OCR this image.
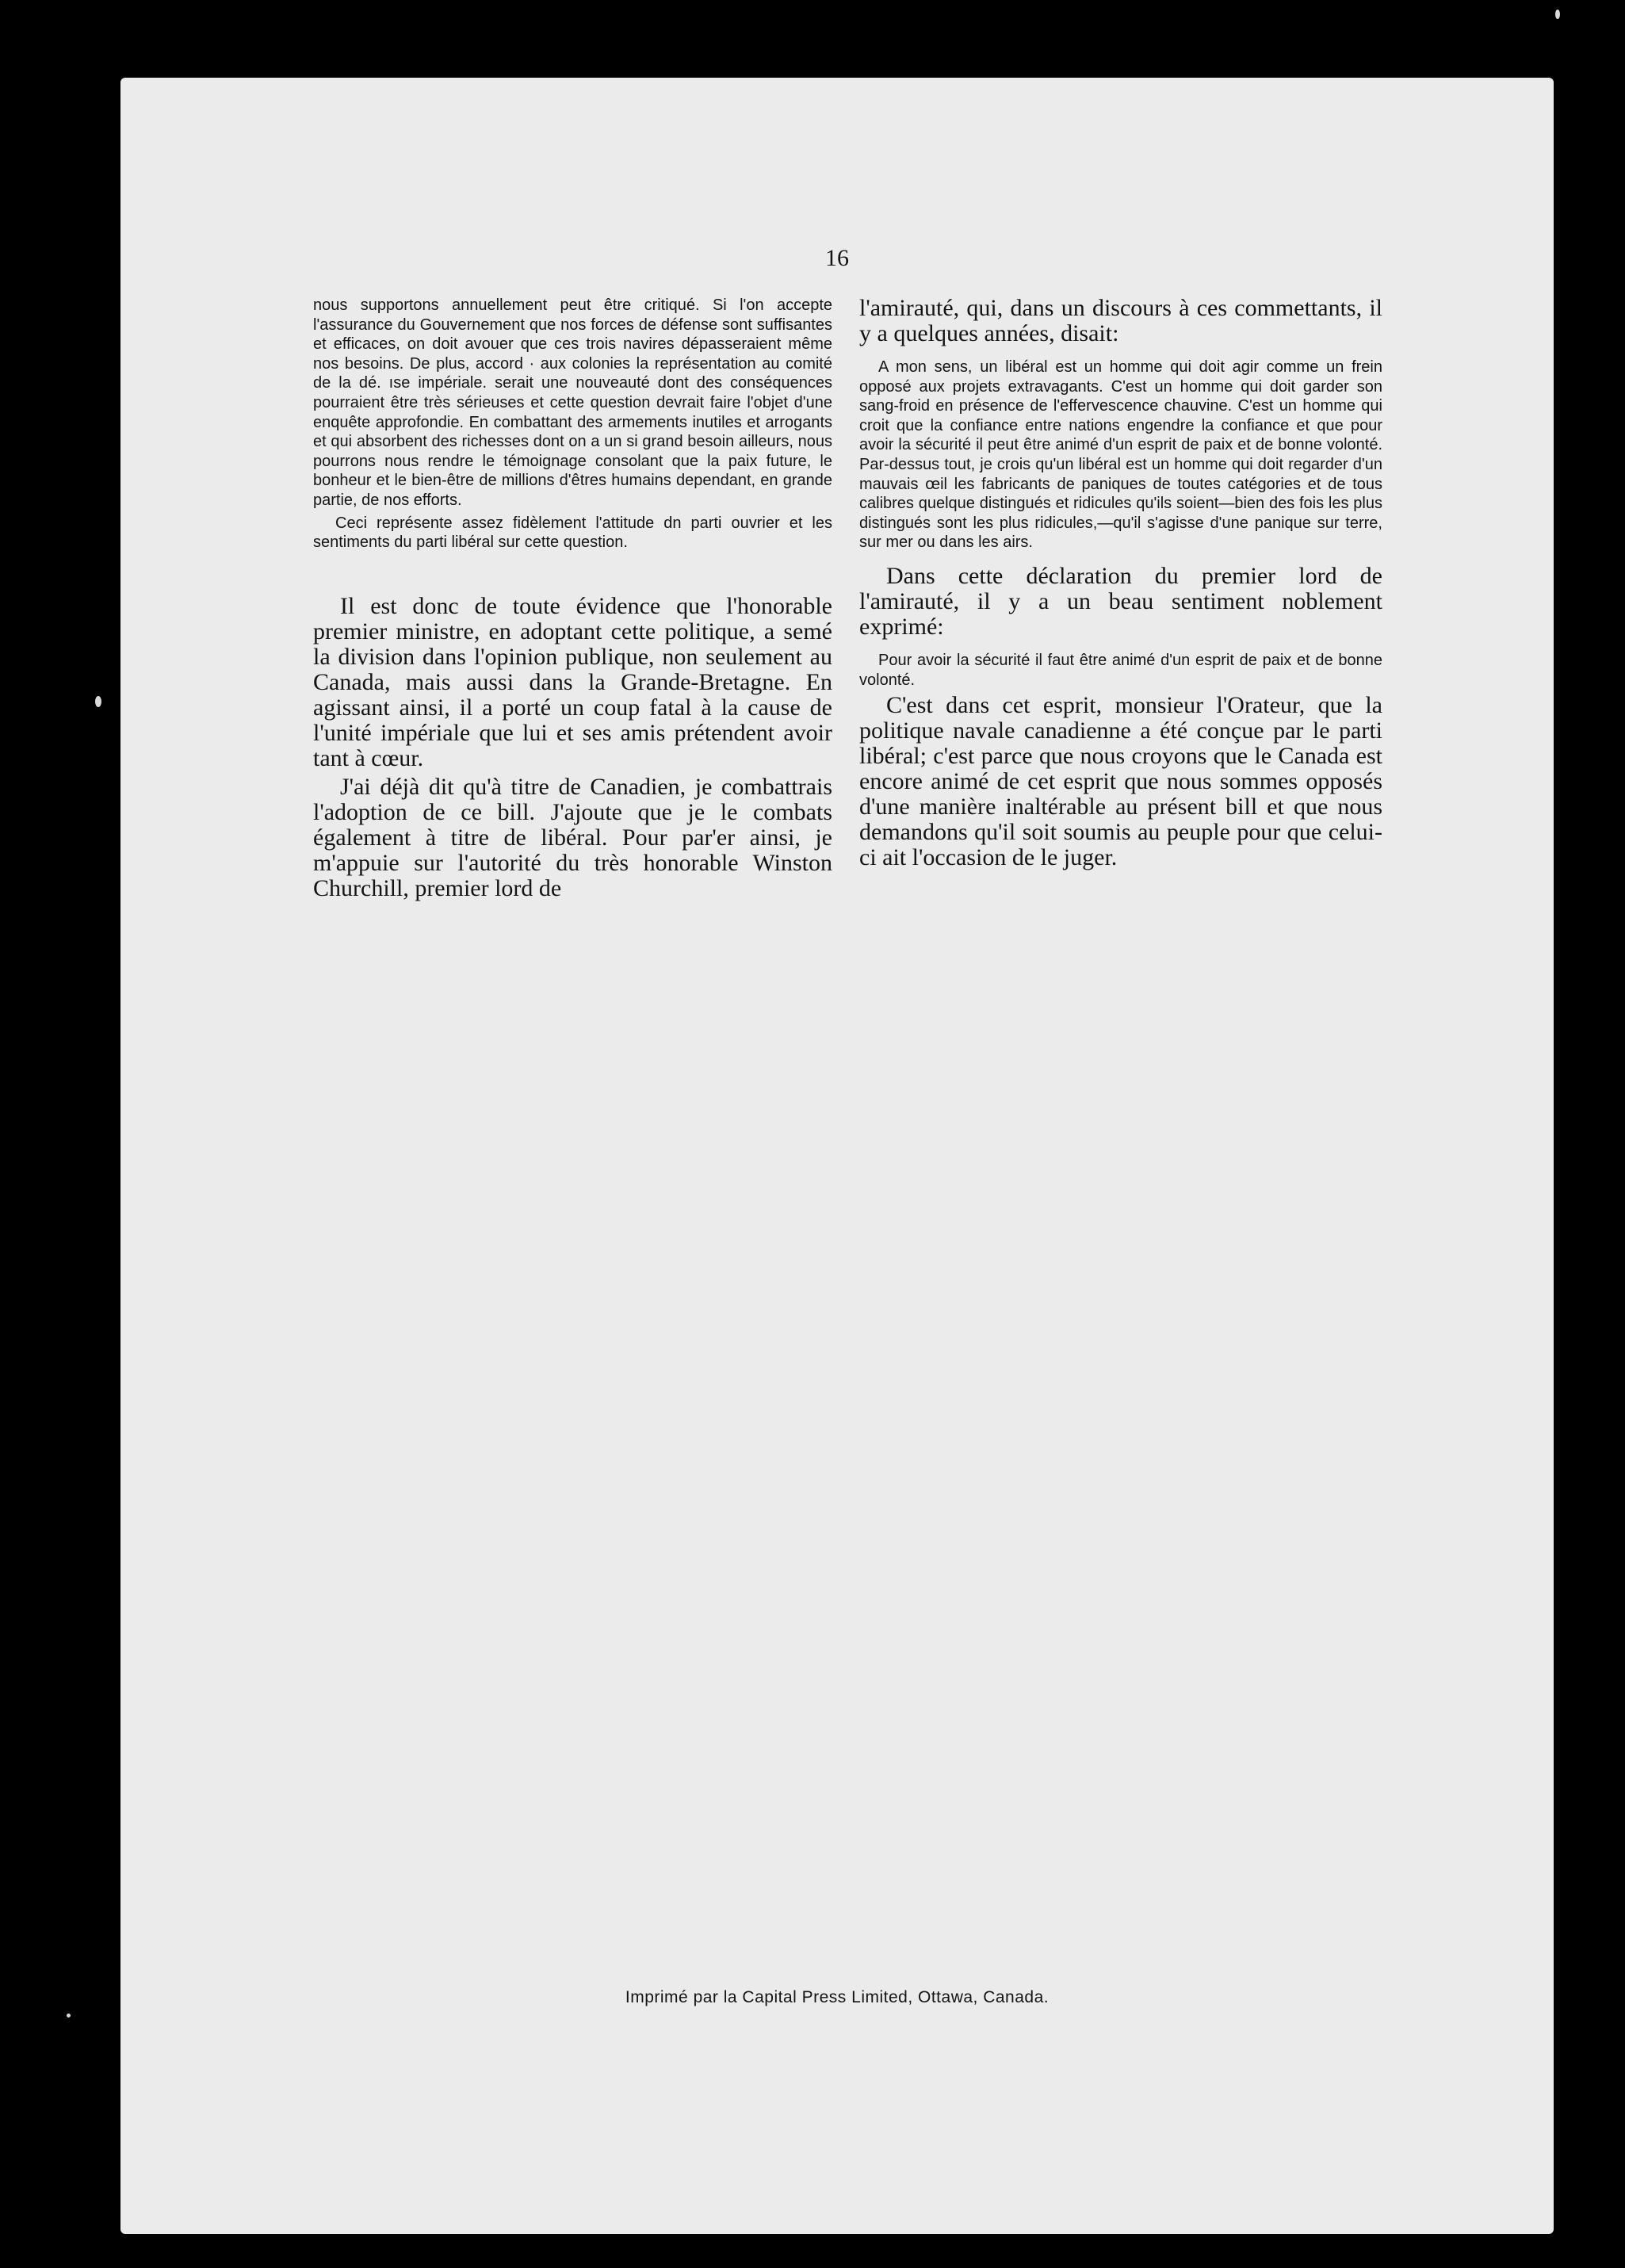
16

nous supportons annuellement peut être critiqué. Si l'on accepte l'assurance du Gouvernement que nos forces de défense sont suffisantes et efficaces, on doit avouer que ces trois navires dépasseraient même nos besoins. De plus, accord · aux colonies la représentation au comité de la dé. ıse impériale. serait une nouveauté dont des conséquences pourraient être très sérieuses et cette question devrait faire l'objet d'une enquête approfondie. En combattant des armements inutiles et arrogants et qui absorbent des richesses dont on a un si grand besoin ailleurs, nous pourrons nous rendre le témoignage consolant que la paix future, le bonheur et le bien-être de millions d'êtres humains dependant, en grande partie, de nos efforts.

Ceci représente assez fidèlement l'attitude dn parti ouvrier et les sentiments du parti libéral sur cette question.

Il est donc de toute évidence que l'honorable premier ministre, en adoptant cette politique, a semé la division dans l'opinion publique, non seulement au Canada, mais aussi dans la Grande-Bretagne. En agissant ainsi, il a porté un coup fatal à la cause de l'unité impériale que lui et ses amis prétendent avoir tant à cœur.

J'ai déjà dit qu'à titre de Canadien, je combattrais l'adoption de ce bill. J'ajoute que je le combats également à titre de libéral. Pour par'er ainsi, je m'appuie sur l'autorité du très honorable Winston Churchill, premier lord de

l'amirauté, qui, dans un discours à ces commettants, il y a quelques années, disait:

A mon sens, un libéral est un homme qui doit agir comme un frein opposé aux projets extravagants. C'est un homme qui doit garder son sang-froid en présence de l'effervescence chauvine. C'est un homme qui croit que la confiance entre nations engendre la confiance et que pour avoir la sécurité il peut être animé d'un esprit de paix et de bonne volonté. Par-dessus tout, je crois qu'un libéral est un homme qui doit regarder d'un mauvais œil les fabricants de paniques de toutes catégories et de tous calibres quelque distingués et ridicules qu'ils soient—bien des fois les plus distingués sont les plus ridicules,—qu'il s'agisse d'une panique sur terre, sur mer ou dans les airs.

Dans cette déclaration du premier lord de l'amirauté, il y a un beau sentiment noblement exprimé:

Pour avoir la sécurité il faut être animé d'un esprit de paix et de bonne volonté.

C'est dans cet esprit, monsieur l'Orateur, que la politique navale canadienne a été conçue par le parti libéral; c'est parce que nous croyons que le Canada est encore animé de cet esprit que nous sommes opposés d'une manière inaltérable au présent bill et que nous demandons qu'il soit soumis au peuple pour que celui-ci ait l'occasion de le juger.

Imprimé par la Capital Press Limited, Ottawa, Canada.
